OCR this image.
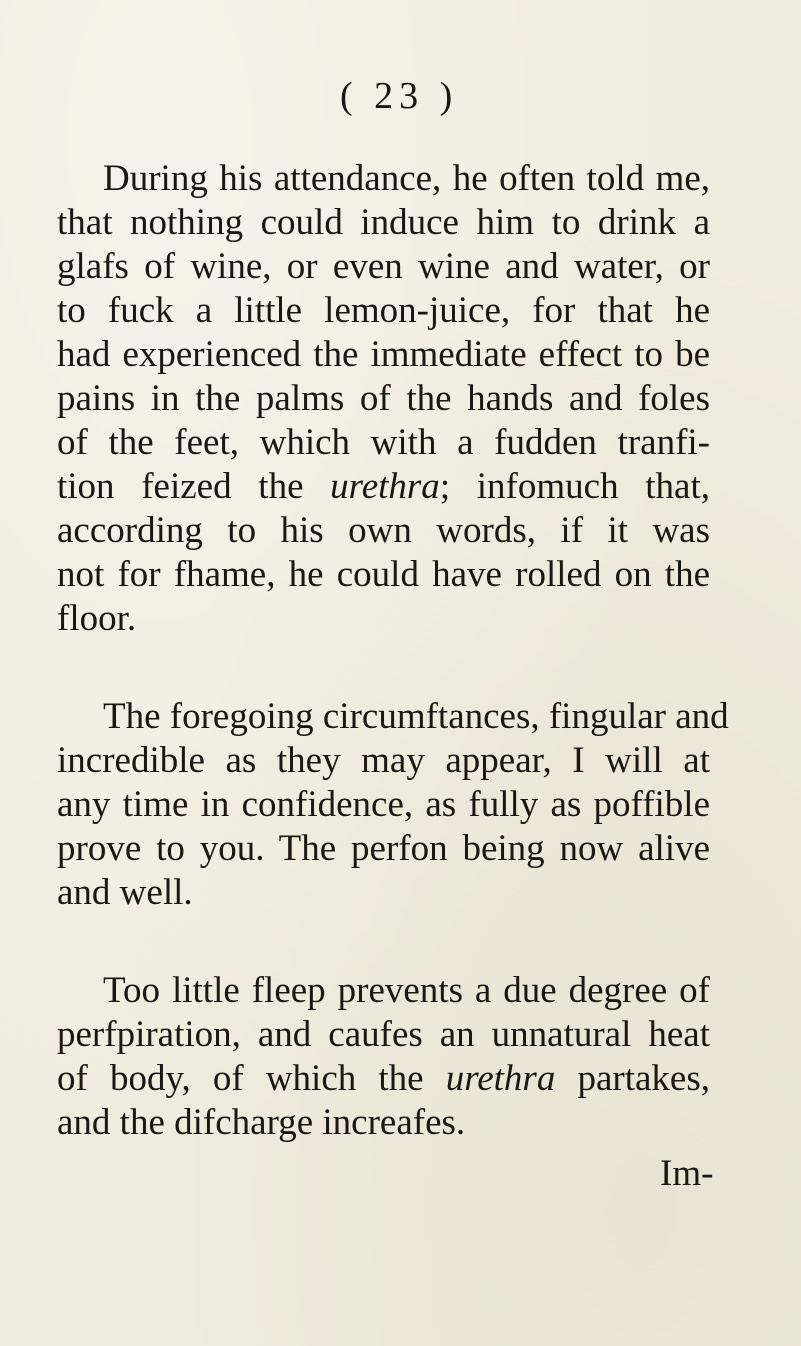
( 23 )
During his attendance, he often told me,
that nothing could induce him to drink a
glafs of wine, or even wine and water, or
to fuck a little lemon-juice, for that he
had experienced the immediate effect to be
pains in the palms of the hands and foles
of the feet, which with a fudden tranfi-
tion feized the urethra; infomuch that,
according to his own words, if it was
not for fhame, he could have rolled on the
floor.
The foregoing circumftances, fingular and
incredible as they may appear, I will at
any time in confidence, as fully as poffible
prove to you. The perfon being now alive
and well.
Too little fleep prevents a due degree of
perfpiration, and caufes an unnatural heat
of body, of which the urethra partakes,
and the difcharge increafes.
Im-
